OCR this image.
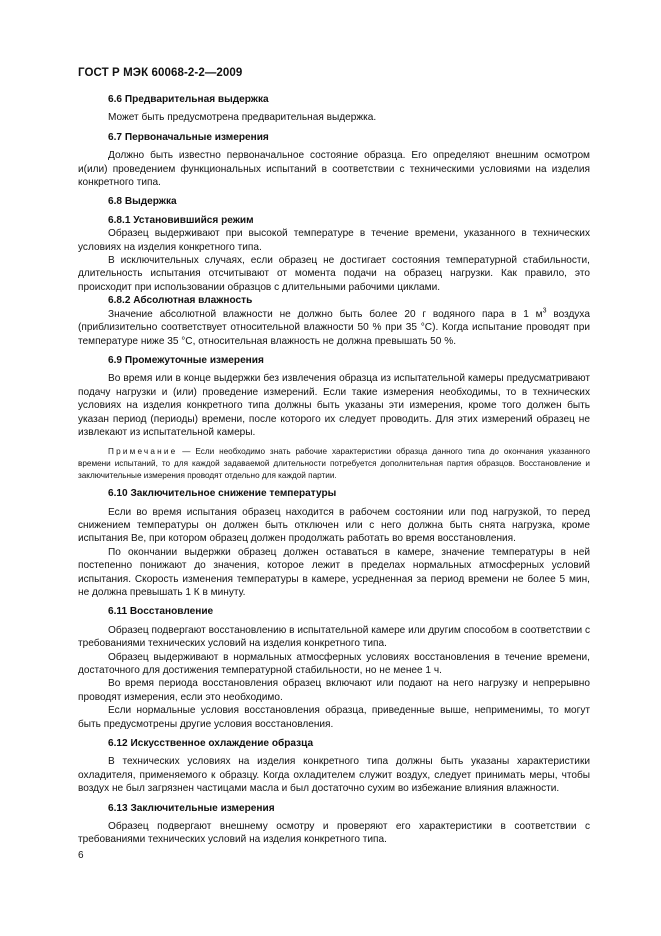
ГОСТ Р МЭК 60068-2-2—2009

6.6 Предварительная выдержка

Может быть предусмотрена предварительная выдержка.

6.7 Первоначальные измерения

Должно быть известно первоначальное состояние образца. Его определяют внешним осмотром и(или) проведением функциональных испытаний в соответствии с техническими условиями на изделия конкретного типа.

6.8 Выдержка

6.8.1 Установившийся режим

Образец выдерживают при высокой температуре в течение времени, указанного в технических условиях на изделия конкретного типа.

В исключительных случаях, если образец не достигает состояния температурной стабильности, длительность испытания отсчитывают от момента подачи на образец нагрузки. Как правило, это происходит при использовании образцов с длительными рабочими циклами.

6.8.2 Абсолютная влажность

Значение абсолютной влажности не должно быть более 20 г водяного пара в 1 $м^3$ воздуха (приблизительно соответствует относительной влажности 50 % при 35 °С). Когда испытание проводят при температуре ниже 35 °С, относительная влажность не должна превышать 50 %.

6.9 Промежуточные измерения

Во время или в конце выдержки без извлечения образца из испытательной камеры предусматривают подачу нагрузки и (или) проведение измерений. Если такие измерения необходимы, то в технических условиях на изделия конкретного типа должны быть указаны эти измерения, кроме того должен быть указан период (периоды) времени, после которого их следует проводить. Для этих измерений образец не извлекают из испытательной камеры.

Примечание — Если необходимо знать рабочие характеристики образца данного типа до окончания указанного времени испытаний, то для каждой задаваемой длительности потребуется дополнительная партия образцов. Восстановление и заключительные измерения проводят отдельно для каждой партии.

6.10 Заключительное снижение температуры

Если во время испытания образец находится в рабочем состоянии или под нагрузкой, то перед снижением температуры он должен быть отключен или с него должна быть снята нагрузка, кроме испытания Ве, при котором образец должен продолжать работать во время восстановления.

По окончании выдержки образец должен оставаться в камере, значение температуры в ней постепенно понижают до значения, которое лежит в пределах нормальных атмосферных условий испытания. Скорость изменения температуры в камере, усредненная за период времени не более 5 мин, не должна превышать 1 К в минуту.

6.11 Восстановление

Образец подвергают восстановлению в испытательной камере или другим способом в соответствии с требованиями технических условий на изделия конкретного типа.

Образец выдерживают в нормальных атмосферных условиях восстановления в течение времени, достаточного для достижения температурной стабильности, но не менее 1 ч.

Во время периода восстановления образец включают или подают на него нагрузку и непрерывно проводят измерения, если это необходимо.

Если нормальные условия восстановления образца, приведенные выше, неприменимы, то могут быть предусмотрены другие условия восстановления.

6.12 Искусственное охлаждение образца

В технических условиях на изделия конкретного типа должны быть указаны характеристики охладителя, применяемого к образцу. Когда охладителем служит воздух, следует принимать меры, чтобы воздух не был загрязнен частицами масла и был достаточно сухим во избежание влияния влажности.

6.13 Заключительные измерения

Образец подвергают внешнему осмотру и проверяют его характеристики в соответствии с требованиями технических условий на изделия конкретного типа.

6
